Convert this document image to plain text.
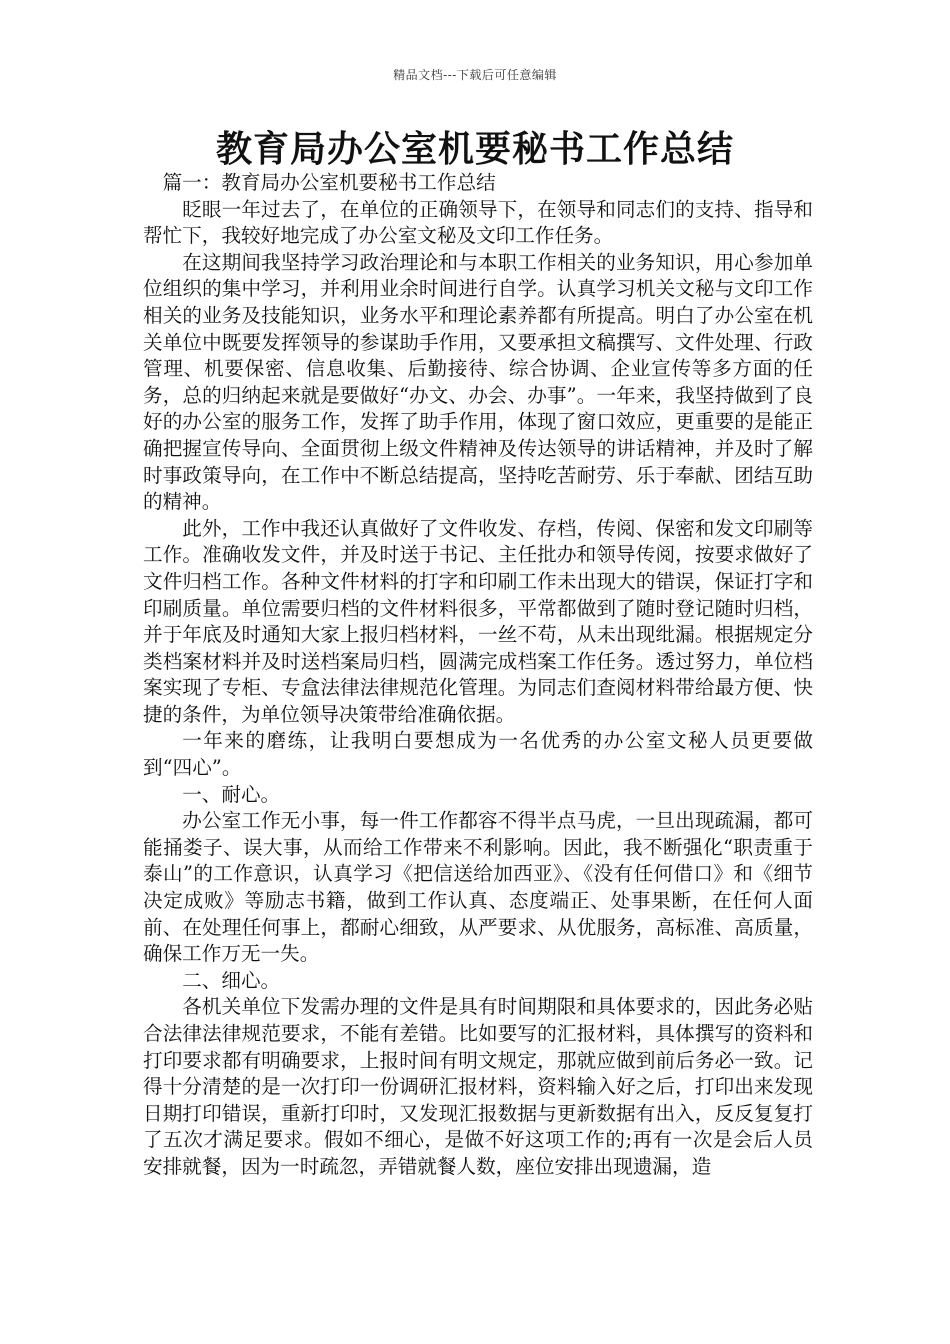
精品文档---下载后可任意编辑
教育局办公室机要秘书工作总结

篇一：教育局办公室机要秘书工作总结

眨眼一年过去了，在单位的正确领导下，在领导和同志们的支持、指导和帮忙下，我较好地完成了办公室文秘及文印工作任务。

在这期间我坚持学习政治理论和与本职工作相关的业务知识，用心参加单位组织的集中学习，并利用业余时间进行自学。认真学习机关文秘与文印工作相关的业务及技能知识，业务水平和理论素养都有所提高。明白了办公室在机关单位中既要发挥领导的参谋助手作用，又要承担文稿撰写、文件处理、行政管理、机要保密、信息收集、后勤接待、综合协调、企业宣传等多方面的任务，总的归纳起来就是要做好“办文、办会、办事”。一年来，我坚持做到了良好的办公室的服务工作，发挥了助手作用，体现了窗口效应，更重要的是能正确把握宣传导向、全面贯彻上级文件精神及传达领导的讲话精神，并及时了解时事政策导向，在工作中不断总结提高，坚持吃苦耐劳、乐于奉献、团结互助的精神。

此外，工作中我还认真做好了文件收发、存档，传阅、保密和发文印刷等工作。准确收发文件，并及时送于书记、主任批办和领导传阅，按要求做好了文件归档工作。各种文件材料的打字和印刷工作未出现大的错误，保证打字和印刷质量。单位需要归档的文件材料很多，平常都做到了随时登记随时归档，并于年底及时通知大家上报归档材料，一丝不苟，从未出现纰漏。根据规定分类档案材料并及时送档案局归档，圆满完成档案工作任务。透过努力，单位档案实现了专柜、专盒法律法律规范化管理。为同志们查阅材料带给最方便、快捷的条件，为单位领导决策带给准确依据。

一年来的磨练，让我明白要想成为一名优秀的办公室文秘人员更要做到“四心”。

一、耐心。

办公室工作无小事，每一件工作都容不得半点马虎，一旦出现疏漏，都可能捅娄子、误大事，从而给工作带来不利影响。因此，我不断强化“职责重于泰山”的工作意识，认真学习《把信送给加西亚》、《没有任何借口》和《细节决定成败》等励志书籍，做到工作认真、态度端正、处事果断，在任何人面前、在处理任何事上，都耐心细致，从严要求、从优服务，高标准、高质量，确保工作万无一失。

二、细心。

各机关单位下发需办理的文件是具有时间期限和具体要求的，因此务必贴合法律法律规范要求，不能有差错。比如要写的汇报材料，具体撰写的资料和打印要求都有明确要求，上报时间有明文规定，那就应做到前后务必一致。记得十分清楚的是一次打印一份调研汇报材料，资料输入好之后，打印出来发现日期打印错误，重新打印时，又发现汇报数据与更新数据有出入，反反复复打了五次才满足要求。假如不细心，是做不好这项工作的;再有一次是会后人员安排就餐，因为一时疏忽，弄错就餐人数，座位安排出现遗漏，造
